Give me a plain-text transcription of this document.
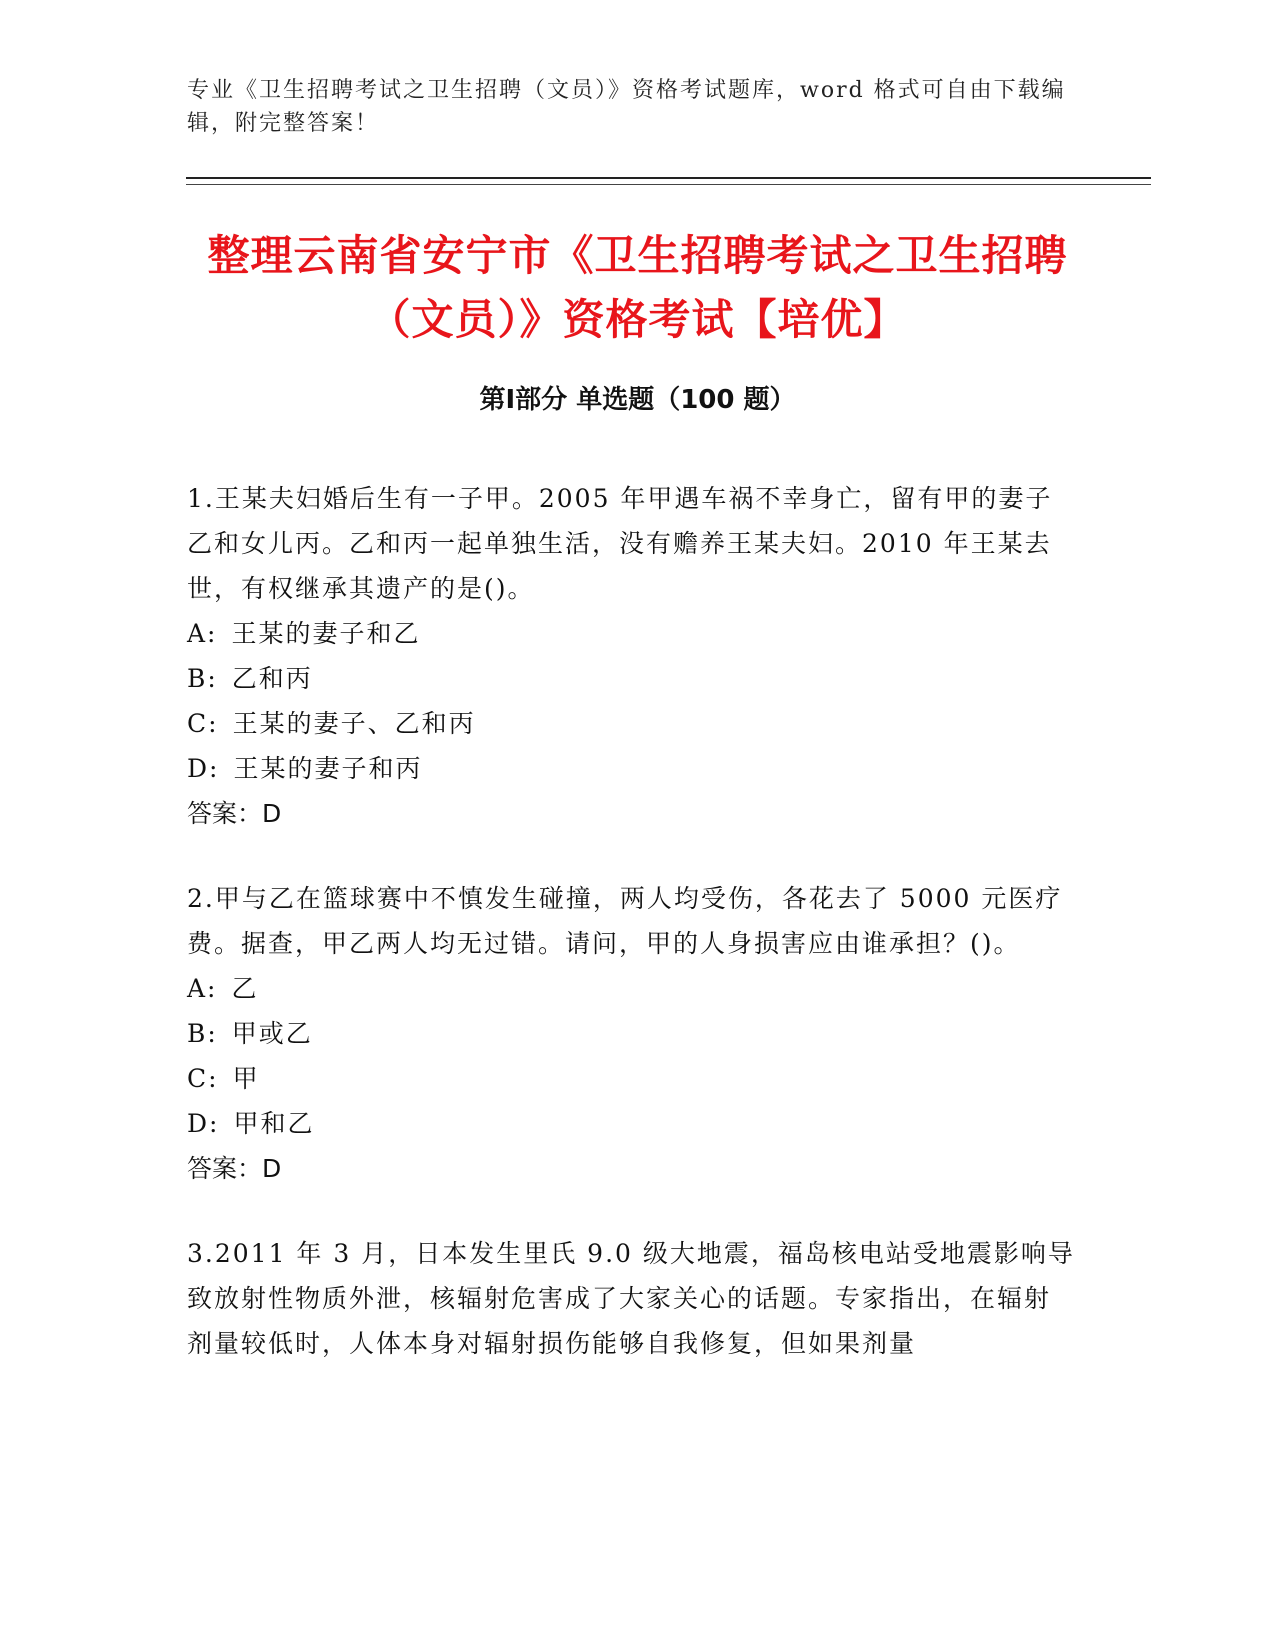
专业《卫生招聘考试之卫生招聘（文员）》资格考试题库，word 格式可自由下载编辑，附完整答案！
整理云南省安宁市《卫生招聘考试之卫生招聘（文员）》资格考试【培优】
第Ⅰ部分 单选题（100 题）

1.王某夫妇婚后生有一子甲。2005 年甲遇车祸不幸身亡，留有甲的妻子乙和女儿丙。乙和丙一起单独生活，没有赡养王某夫妇。2010 年王某去世，有权继承其遗产的是()。

A: 王某的妻子和乙

B: 乙和丙

C: 王某的妻子、乙和丙

D: 王某的妻子和丙

答案：D

2.甲与乙在篮球赛中不慎发生碰撞，两人均受伤，各花去了 5000 元医疗费。据查，甲乙两人均无过错。请问，甲的人身损害应由谁承担？()。

A: 乙

B: 甲或乙

C: 甲

D: 甲和乙

答案：D

3.2011 年 3 月，日本发生里氏 9.0 级大地震，福岛核电站受地震影响导致放射性物质外泄，核辐射危害成了大家关心的话题。专家指出，在辐射剂量较低时，人体本身对辐射损伤能够自我修复，但如果剂量
